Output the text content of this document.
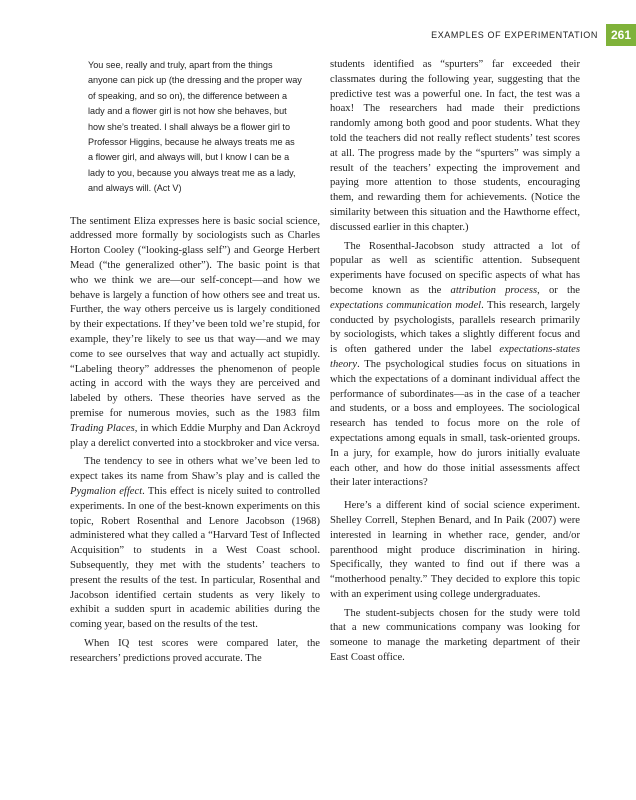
EXAMPLES OF EXPERIMENTATION	261
You see, really and truly, apart from the things anyone can pick up (the dressing and the proper way of speaking, and so on), the difference between a lady and a flower girl is not how she behaves, but how she’s treated. I shall always be a flower girl to Professor Higgins, because he always treats me as a flower girl, and always will, but I know I can be a lady to you, because you always treat me as a lady, and always will. (Act V)

The sentiment Eliza expresses here is basic social science, addressed more formally by sociologists such as Charles Horton Cooley (“looking-glass self”) and George Herbert Mead (“the generalized other”). The basic point is that who we think we are—our self-concept—and how we behave is largely a function of how others see and treat us. Further, the way others perceive us is largely conditioned by their expectations. If they’ve been told we’re stupid, for example, they’re likely to see us that way—and we may come to see ourselves that way and actually act stupidly. “Labeling theory” addresses the phenomenon of people acting in accord with the ways they are perceived and labeled by others. These theories have served as the premise for numerous movies, such as the 1983 film Trading Places, in which Eddie Murphy and Dan Ackroyd play a derelict converted into a stockbroker and vice versa.

The tendency to see in others what we’ve been led to expect takes its name from Shaw’s play and is called the Pygmalion effect. This effect is nicely suited to controlled experiments. In one of the best-known experiments on this topic, Robert Rosenthal and Lenore Jacobson (1968) administered what they called a “Harvard Test of Inflected Acquisition” to students in a West Coast school. Subsequently, they met with the students’ teachers to present the results of the test. In particular, Rosenthal and Jacobson identified certain students as very likely to exhibit a sudden spurt in academic abilities during the coming year, based on the results of the test.

When IQ test scores were compared later, the researchers’ predictions proved accurate. The

students identified as “spurters” far exceeded their classmates during the following year, suggesting that the predictive test was a powerful one. In fact, the test was a hoax! The researchers had made their predictions randomly among both good and poor students. What they told the teachers did not really reflect students’ test scores at all. The progress made by the “spurters” was simply a result of the teachers’ expecting the improvement and paying more attention to those students, encouraging them, and rewarding them for achievements. (Notice the similarity between this situation and the Hawthorne effect, discussed earlier in this chapter.)

The Rosenthal-Jacobson study attracted a lot of popular as well as scientific attention. Subsequent experiments have focused on specific aspects of what has become known as the attribution process, or the expectations communication model. This research, largely conducted by psychologists, parallels research primarily by sociologists, which takes a slightly different focus and is often gathered under the label expectations-states theory. The psychological studies focus on situations in which the expectations of a dominant individual affect the performance of subordinates—as in the case of a teacher and students, or a boss and employees. The sociological research has tended to focus more on the role of expectations among equals in small, task-oriented groups. In a jury, for example, how do jurors initially evaluate each other, and how do those initial assessments affect their later interactions?

Here’s a different kind of social science experiment. Shelley Correll, Stephen Benard, and In Paik (2007) were interested in learning in whether race, gender, and/or parenthood might produce discrimination in hiring. Specifically, they wanted to find out if there was a “motherhood penalty.” They decided to explore this topic with an experiment using college undergraduates.

The student-subjects chosen for the study were told that a new communications company was looking for someone to manage the marketing department of their East Coast office.
